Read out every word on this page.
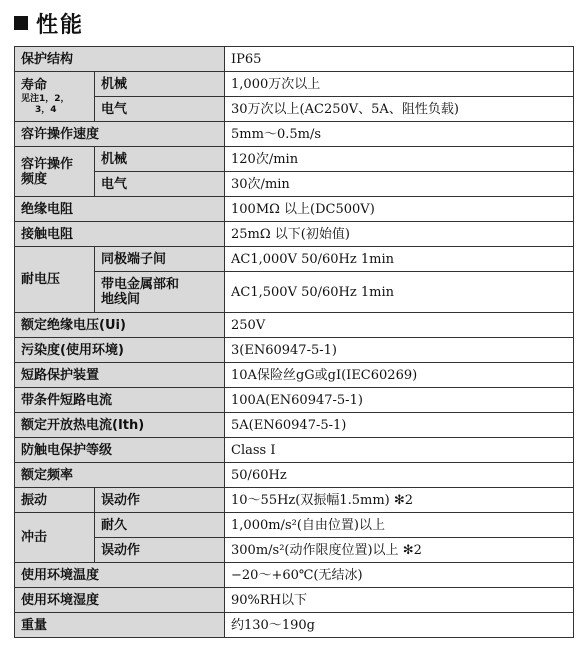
性能
保护结构		IP65
寿命
见注1，2，
3，4	机械	1,000万次以上
	电气	30万次以上(AC250V、5A、阻性负载)
容许操作速度		5mm～0.5m/s
容许操作
频度	机械	120次/min
	电气	30次/min
绝缘电阻		100MΩ 以上(DC500V)
接触电阻		25mΩ 以下(初始值)
耐电压	同极端子间	AC1,000V 50/60Hz 1min
	带电金属部和
地线间	AC1,500V 50/60Hz 1min
额定绝缘电压(Ui)		250V
污染度(使用环境)		3(EN60947-5-1)
短路保护装置		10A保险丝gG或gI(IEC60269)
带条件短路电流		100A(EN60947-5-1)
额定开放热电流(Ith)		5A(EN60947-5-1)
防触电保护等级		Class I
额定频率		50/60Hz
振动	误动作	10～55Hz(双振幅1.5mm) ✻2
冲击	耐久	1,000m/s²(自由位置)以上
	误动作	300m/s²(动作限度位置)以上 ✻2
使用环境温度		−20～+60℃(无结冰)
使用环境湿度		90%RH以下
重量		约130～190g
